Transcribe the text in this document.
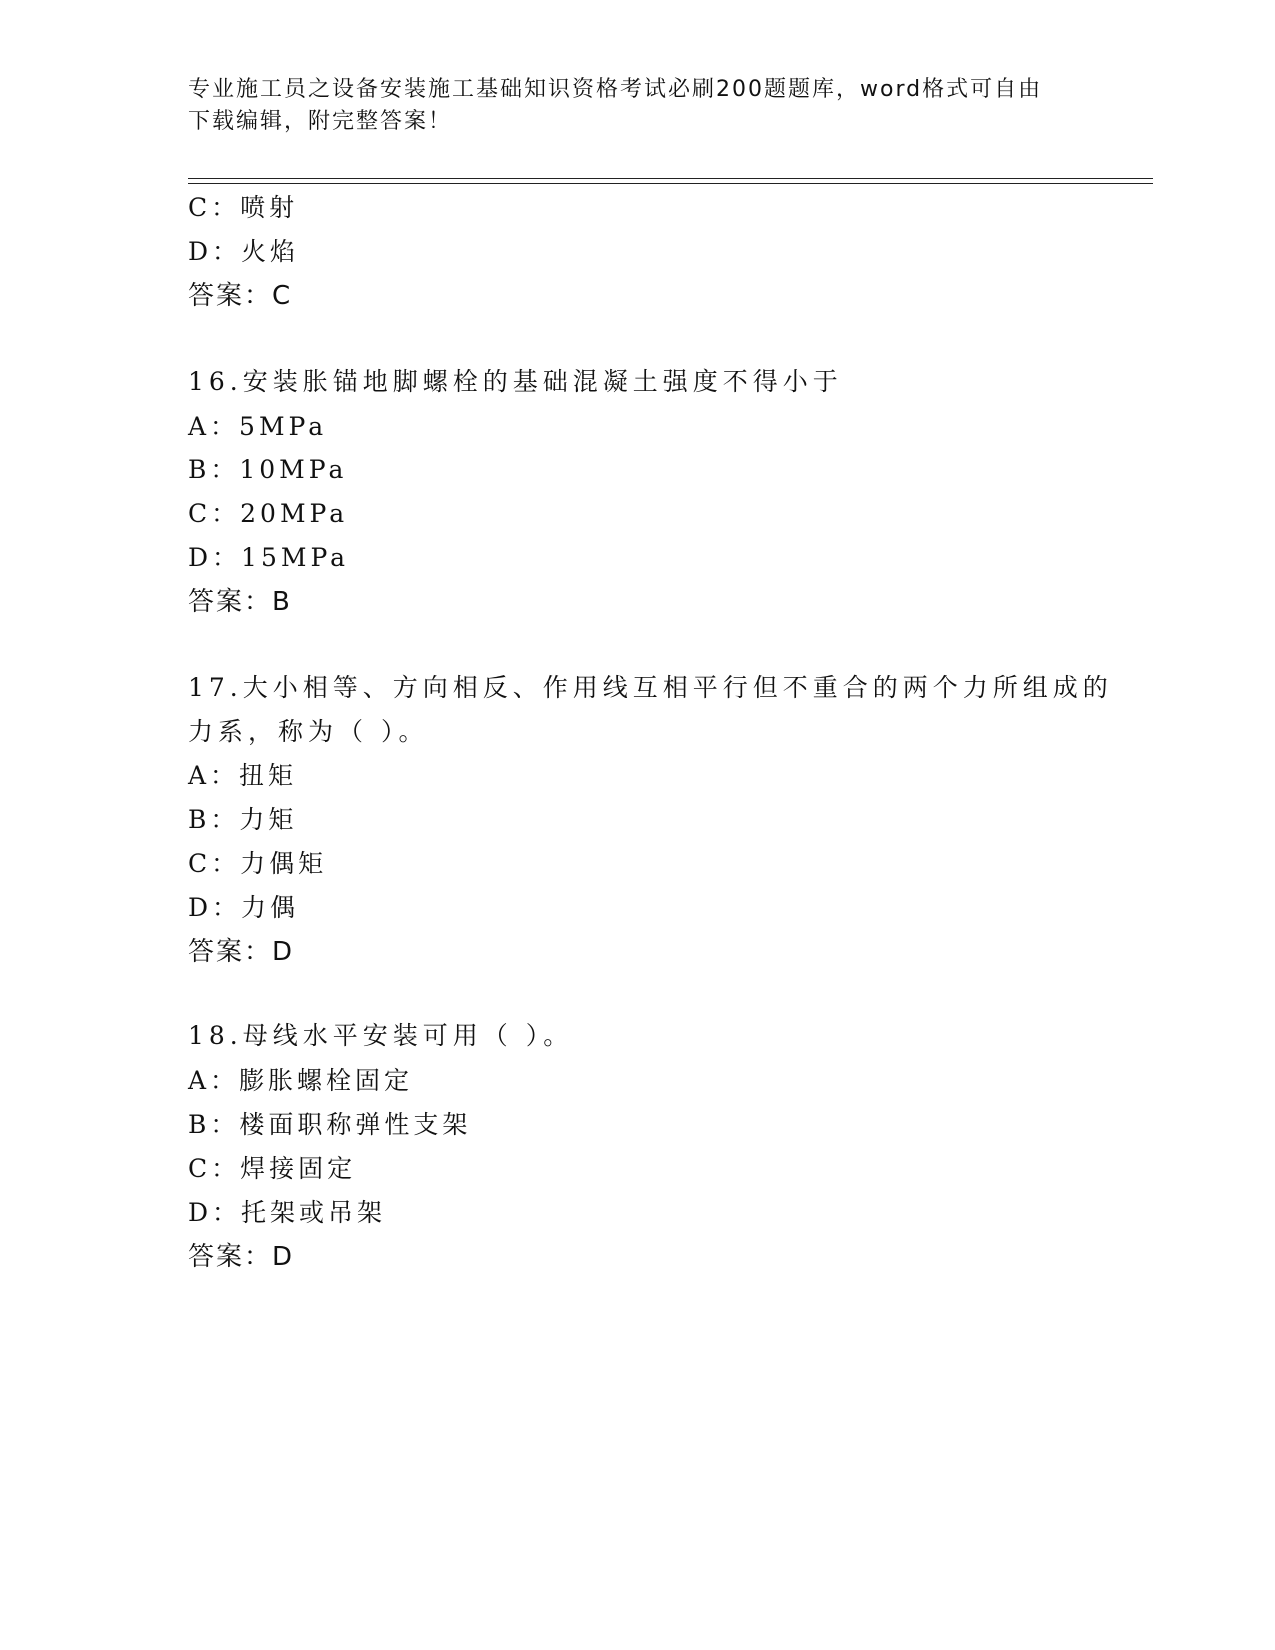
专业施工员之设备安装施工基础知识资格考试必刷200题题库，word格式可自由
下载编辑，附完整答案！
C：喷射
D：火焰
答案：C
16.安装胀锚地脚螺栓的基础混凝土强度不得小于
A：5MPa
B：10MPa
C：20MPa
D：15MPa
答案：B
17.大小相等、方向相反、作用线互相平行但不重合的两个力所组成的
力系，称为（ ）。
A：扭矩
B：力矩
C：力偶矩
D：力偶
答案：D
18.母线水平安装可用（ ）。
A：膨胀螺栓固定
B：楼面职称弹性支架
C：焊接固定
D：托架或吊架
答案：D
